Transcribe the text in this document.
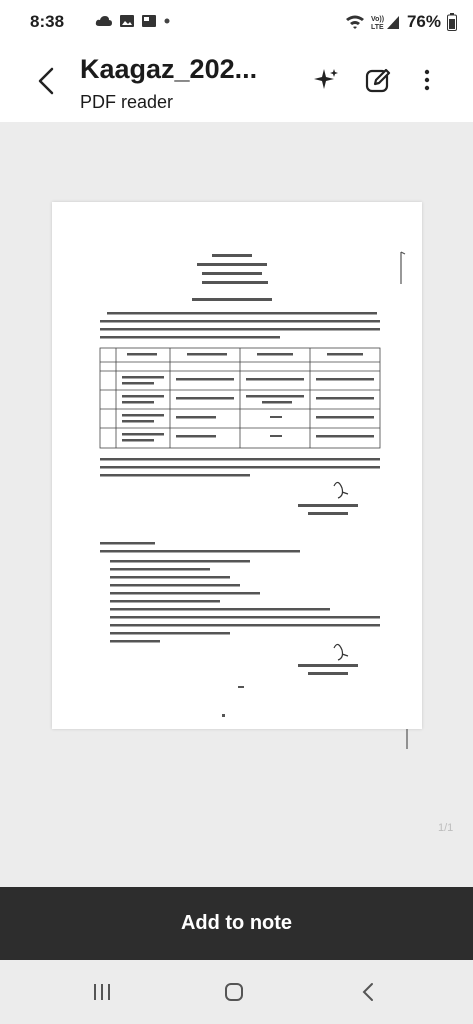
8:38	Vo))
LTE 76%
Kaagaz_202...
PDF reader
1/1
Add to note
